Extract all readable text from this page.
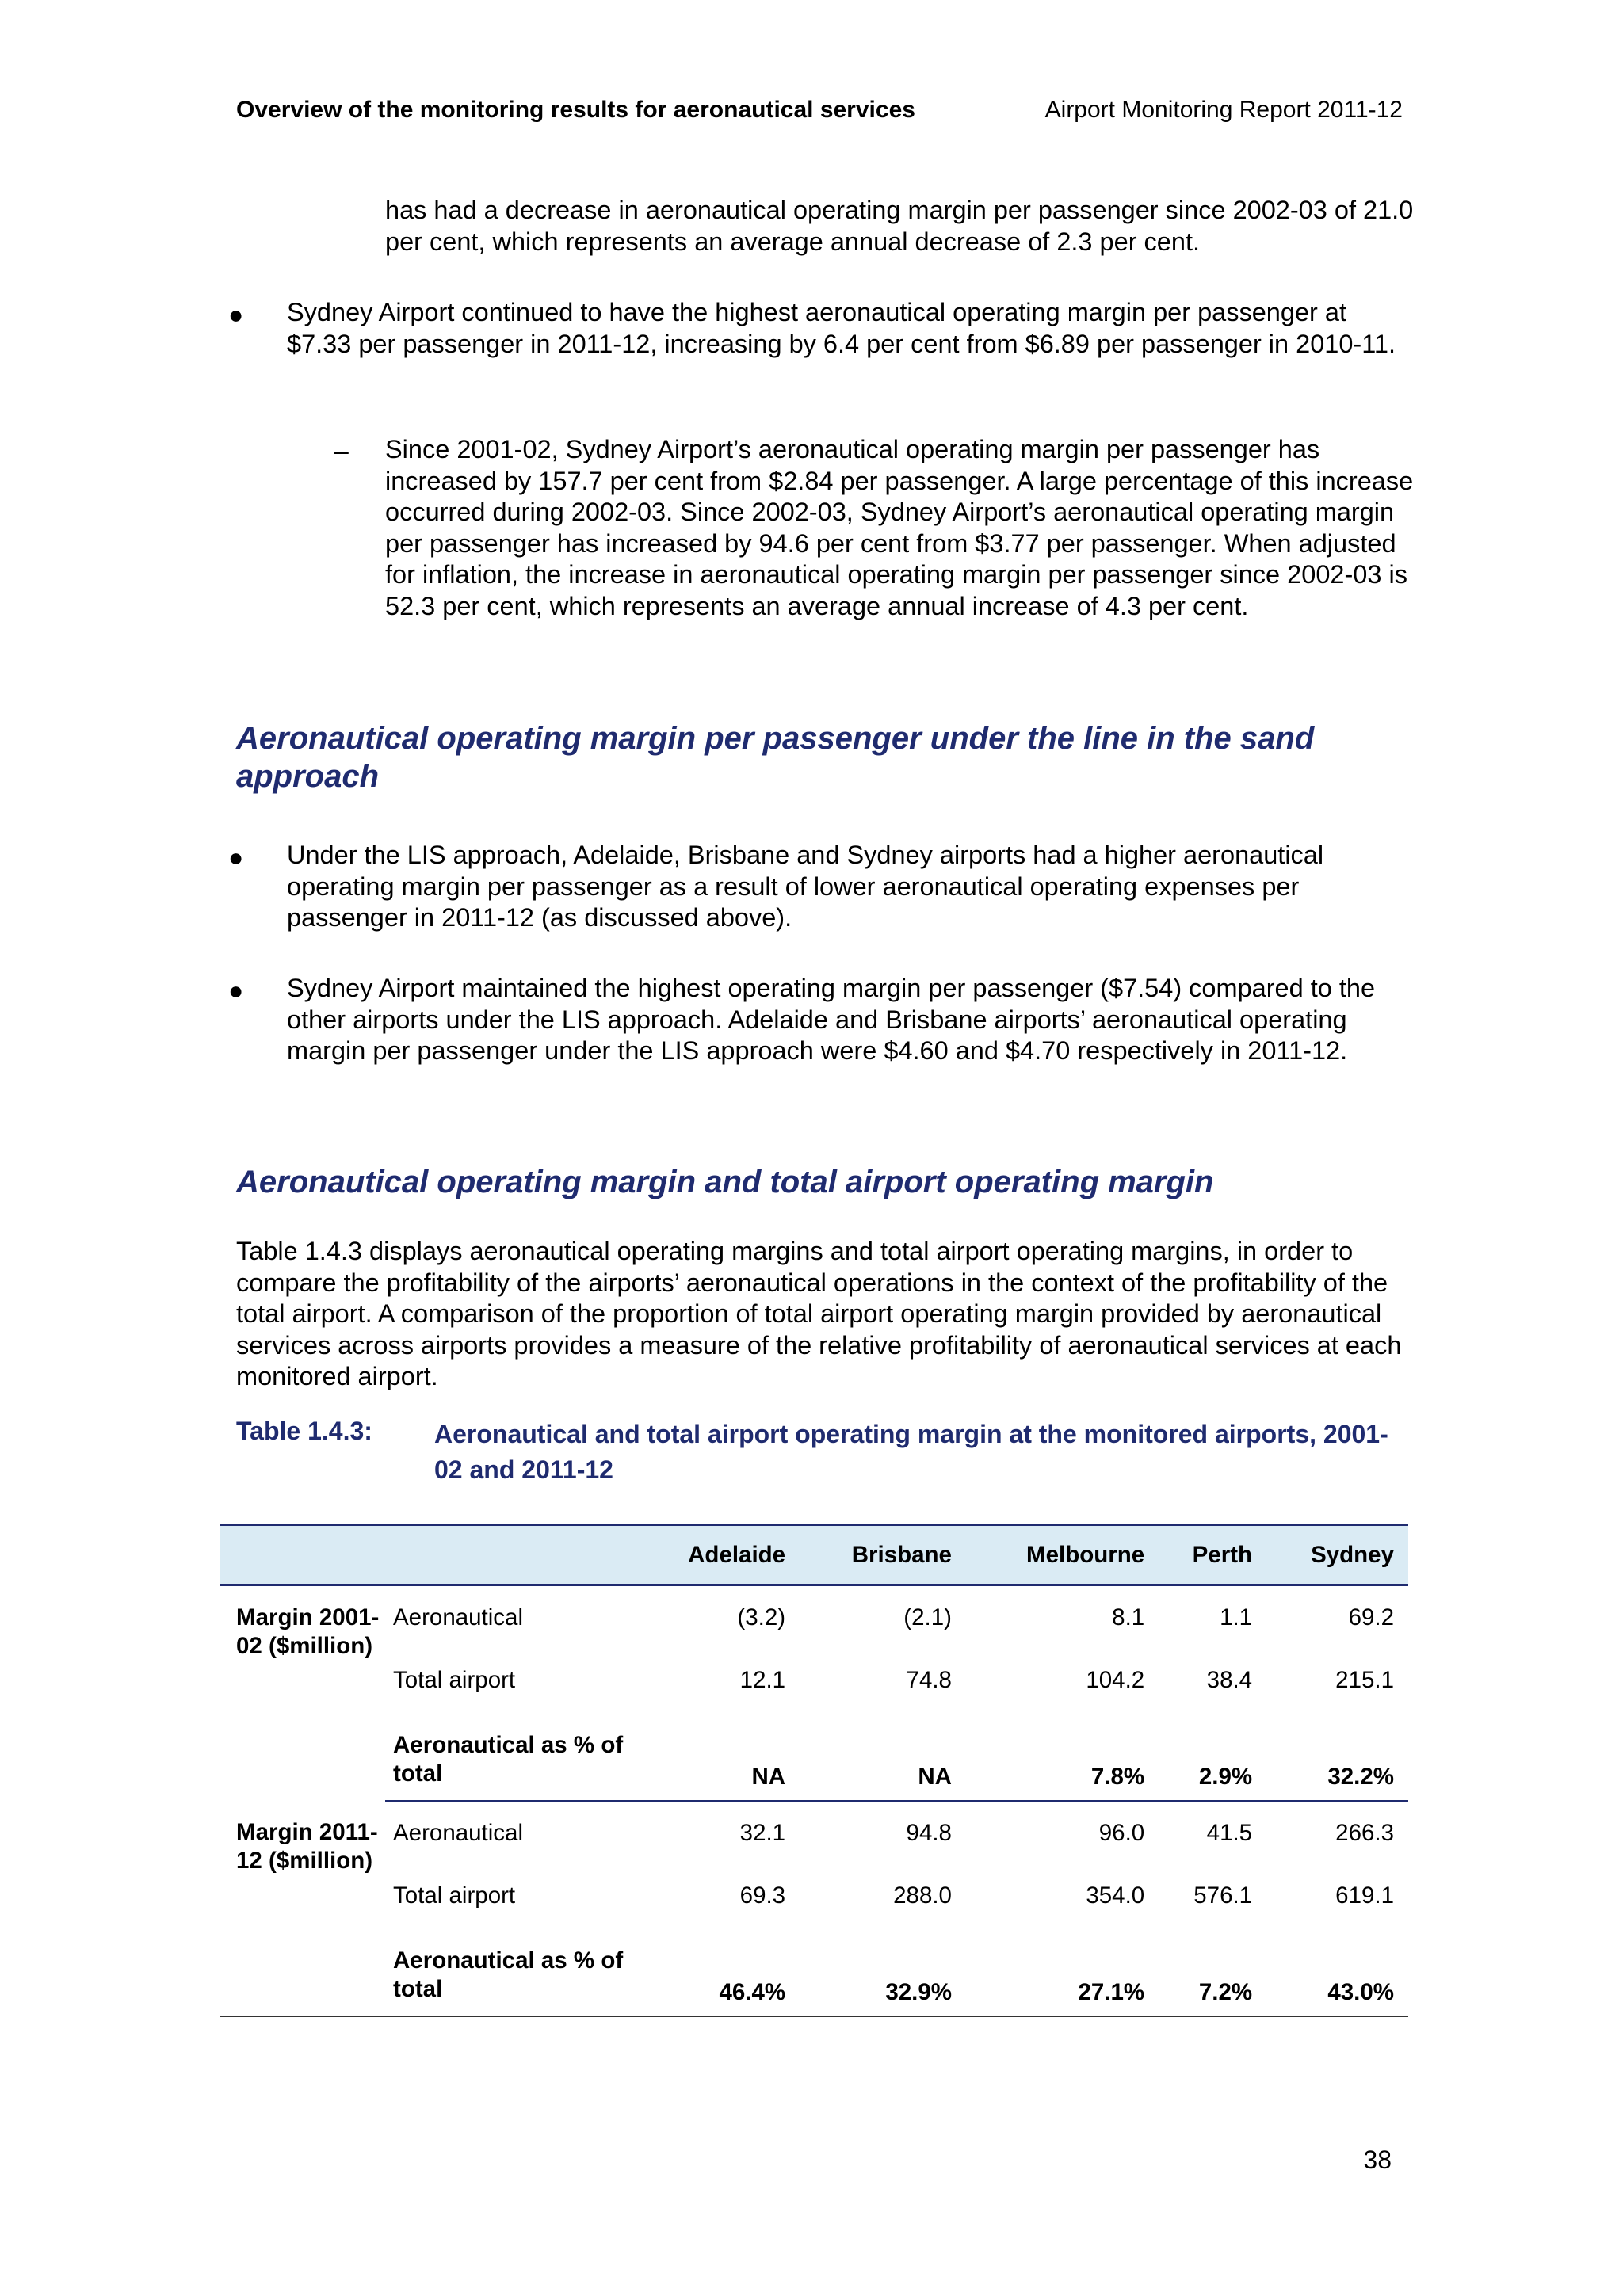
Overview of the monitoring results for aeronautical services	Airport Monitoring Report 2011-12

has had a decrease in aeronautical operating margin per passenger since 2002-03 of 21.0 per cent, which represents an average annual decrease of 2.3 per cent.

● Sydney Airport continued to have the highest aeronautical operating margin per passenger at $7.33 per passenger in 2011-12, increasing by 6.4 per cent from $6.89 per passenger in 2010-11.

– Since 2001-02, Sydney Airport’s aeronautical operating margin per passenger has increased by 157.7 per cent from $2.84 per passenger. A large percentage of this increase occurred during 2002-03. Since 2002-03, Sydney Airport’s aeronautical operating margin per passenger has increased by 94.6 per cent from $3.77 per passenger. When adjusted for inflation, the increase in aeronautical operating margin per passenger since 2002-03 is 52.3 per cent, which represents an average annual increase of 4.3 per cent.

Aeronautical operating margin per passenger under the line in the sand approach
● Under the LIS approach, Adelaide, Brisbane and Sydney airports had a higher aeronautical operating margin per passenger as a result of lower aeronautical operating expenses per passenger in 2011-12 (as discussed above).

● Sydney Airport maintained the highest operating margin per passenger ($7.54) compared to the other airports under the LIS approach. Adelaide and Brisbane airports’ aeronautical operating margin per passenger under the LIS approach were $4.60 and $4.70 respectively in 2011-12.

Aeronautical operating margin and total airport operating margin

Table 1.4.3 displays aeronautical operating margins and total airport operating margins, in order to compare the profitability of the airports’ aeronautical operations in the context of the profitability of the total airport. A comparison of the proportion of total airport operating margin provided by aeronautical services across airports provides a measure of the relative profitability of aeronautical services at each monitored airport.

Table 1.4.3: Aeronautical and total airport operating margin at the monitored airports, 2001-02 and 2011-12

		Adelaide	Brisbane	Melbourne	Perth	Sydney
Margin 2001-02 ($million)	Aeronautical	(3.2)	(2.1)	8.1	1.1	69.2
	Total airport	12.1	74.8	104.2	38.4	215.1
	Aeronautical as % of total	NA	NA	7.8%	2.9%	32.2%
Margin 2011-12 ($million)	Aeronautical	32.1	94.8	96.0	41.5	266.3
	Total airport	69.3	288.0	354.0	576.1	619.1
	Aeronautical as % of total	46.4%	32.9%	27.1%	7.2%	43.0%
38
